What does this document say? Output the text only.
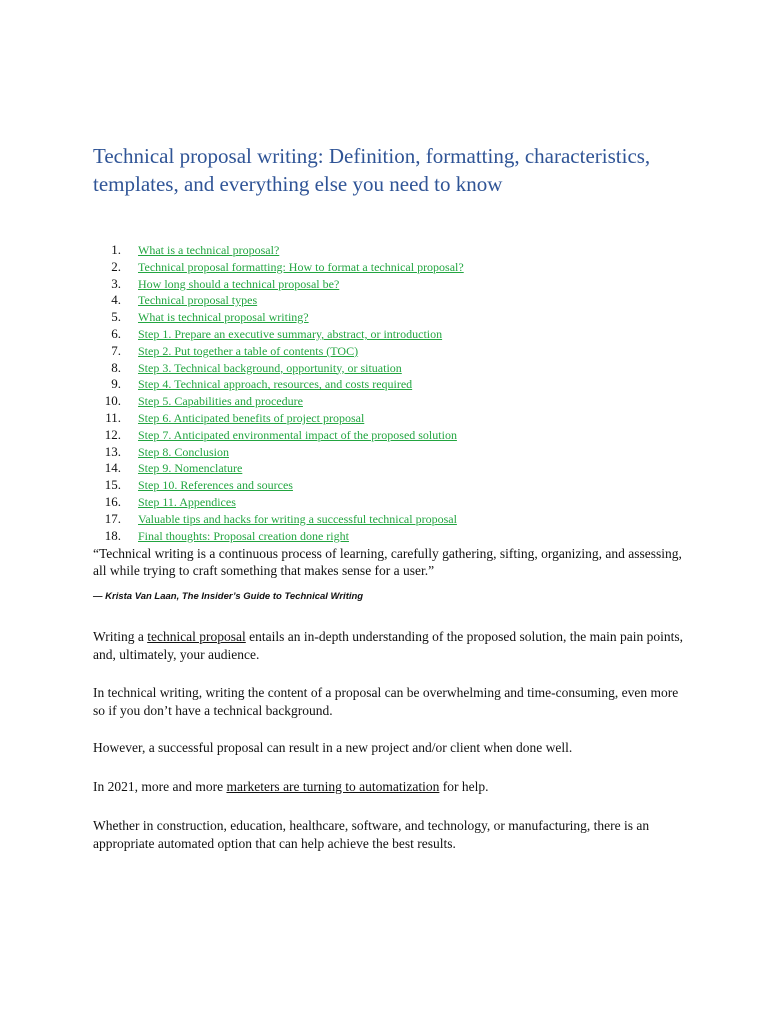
Technical proposal writing: Definition, formatting, characteristics, templates, and everything else you need to know
1.	What is a technical proposal?
2.	Technical proposal formatting: How to format a technical proposal?
3.	How long should a technical proposal be?
4.	Technical proposal types
5.	What is technical proposal writing?
6.	Step 1. Prepare an executive summary, abstract, or introduction
7.	Step 2. Put together a table of contents (TOC)
8.	Step 3. Technical background, opportunity, or situation
9.	Step 4. Technical approach, resources, and costs required
10.	Step 5. Capabilities and procedure
11.	Step 6. Anticipated benefits of project proposal
12.	Step 7. Anticipated environmental impact of the proposed solution
13.	Step 8. Conclusion
14.	Step 9. Nomenclature
15.	Step 10. References and sources
16.	Step 11. Appendices
17.	Valuable tips and hacks for writing a successful technical proposal
18.	Final thoughts: Proposal creation done right

“Technical writing is a continuous process of learning, carefully gathering, sifting, organizing, and assessing, all while trying to craft something that makes sense for a user.”

— Krista Van Laan, The Insider’s Guide to Technical Writing

Writing a technical proposal entails an in-depth understanding of the proposed solution, the main pain points, and, ultimately, your audience.

In technical writing, writing the content of a proposal can be overwhelming and time-consuming, even more so if you don’t have a technical background.

However, a successful proposal can result in a new project and/or client when done well.

In 2021, more and more marketers are turning to automatization for help.

Whether in construction, education, healthcare, software, and technology, or manufacturing, there is an appropriate automated option that can help achieve the best results.
